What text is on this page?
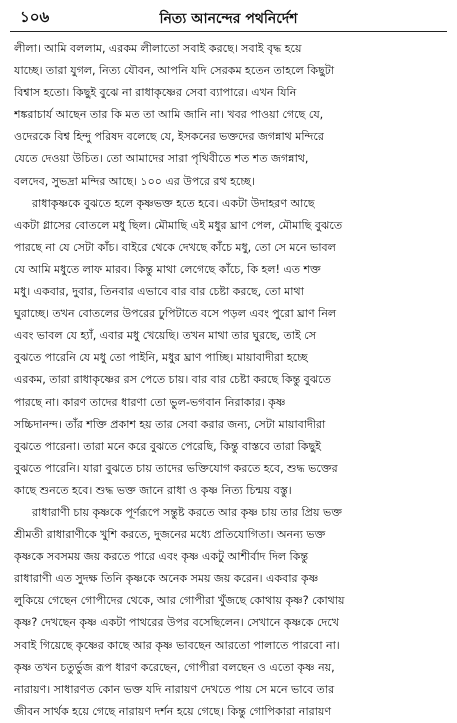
১০৬	নিত্য আনন্দের পথনির্দেশ
লীলা। আমি বললাম, এরকম লীলাতো সবাই করছে। সবাই বৃদ্ধ হয়ে
যাচ্ছে। তারা যুগল, নিত্য যৌবন, আপনি যদি সেরকম হতেন তাহলে কিছুটা
বিশ্বাস হতো। কিছুই বুঝে না রাধাকৃষ্ণের সেবা ব্যাপারে। এখন যিনি
শঙ্করাচার্য আছেন তার কি মত তা আমি জানি না। খবর পাওয়া গেছে যে,
ওদেরকে বিশ্ব হিন্দু পরিষদ বলেছে যে, ইসকনের ভক্তদের জগন্নাথ মন্দিরে
যেতে দেওয়া উচিত। তো আমাদের সারা পৃথিবীতে শত শত জগন্নাথ,
বলদেব, সুভদ্রা মন্দির আছে। ১০০ এর উপরে রথ হচ্ছে।
রাধাকৃষ্ণকে বুঝতে হলে কৃষ্ণভক্ত হতে হবে। একটা উদাহরণ আছে
একটা গ্লাসের বোতলে মধু ছিল। মৌমাছি এই মধুর ঘ্রাণ পেল, মৌমাছি বুঝতে
পারছে না যে সেটা কাঁচ। বাইরে থেকে দেখছে কাঁচে মধু, তো সে মনে ভাবল
যে আমি মধুতে লাফ মারব। কিন্তু মাথা লেগেছে কাঁচে, কি হল! এত শক্ত
মধু। একবার, দুবার, তিনবার এভাবে বার বার চেষ্টা করছে, তো মাথা
ঘুরাচ্ছে। তখন বোতলের উপরের ঢুপিটাতে বসে পড়ল এবং পুরো ঘ্রাণ নিল
এবং ভাবল যে হ্যাঁ, এবার মধু খেয়েছি। তখন মাথা তার ঘুরছে, তাই সে
বুঝতে পারেনি যে মধু তো পাইনি, মধুর ঘ্রাণ পাচ্ছি। মায়াবাদীরা হচ্ছে
এরকম, তারা রাধাকৃষ্ণের রস পেতে চায়। বার বার চেষ্টা করছে কিন্তু বুঝতে
পারছে না। কারণ তাদের ধারণা তো ভুল-ভগবান নিরাকার। কৃষ্ণ
সচ্চিদানন্দ। তাঁর শক্তি প্রকাশ হয় তার সেবা করার জন্য, সেটা মায়াবাদীরা
বুঝতে পারেনা। তারা মনে করে বুঝতে পেরেছি, কিন্তু বাস্তবে তারা কিছুই
বুঝতে পারেনি। যারা বুঝতে চায় তাদের ভক্তিযোগ করতে হবে, শুদ্ধ ভক্তের
কাছে শুনতে হবে। শুদ্ধ ভক্ত জানে রাধা ও কৃষ্ণ নিত্য চিন্ময় বস্তু।
রাধারাণী চায় কৃষ্ণকে পূর্ণরূপে সন্তুষ্ট করতে আর কৃষ্ণ চায় তার প্রিয় ভক্ত
শ্রীমতী রাধারাণীকে খুশি করতে, দুজনের মধ্যে প্রতিযোগিতা। অনন্য ভক্ত
কৃষ্ণকে সবসময় জয় করতে পারে এবং কৃষ্ণ একটু আশীর্বাদ দিল কিন্তু
রাধারাণী এত সুদক্ষ তিনি কৃষ্ণকে অনেক সময় জয় করেন। একবার কৃষ্ণ
লুকিয়ে গেছেন গোপীদের থেকে, আর গোপীরা খুঁজছে কোথায় কৃষ্ণ? কোথায়
কৃষ্ণ? দেখছেন কৃষ্ণ একটা পাথরের উপর বসেছিলেন। সেখানে কৃষ্ণকে দেখে
সবাই গিয়েছে কৃষ্ণের কাছে আর কৃষ্ণ ভাবছেন আরতো পালাতে পারবো না।
কৃষ্ণ তখন চতুর্ভুজ রূপ ধারণ করেছেন, গোপীরা বলছেন ও এতো কৃষ্ণ নয়,
নারায়ণ। সাধারণত কোন ভক্ত যদি নারায়ণ দেখতে পায় সে মনে ভাবে তার
জীবন সার্থক হয়ে গেছে নারায়ণ দর্শন হয়ে গেছে। কিন্তু গোপিকারা নারায়ণ
